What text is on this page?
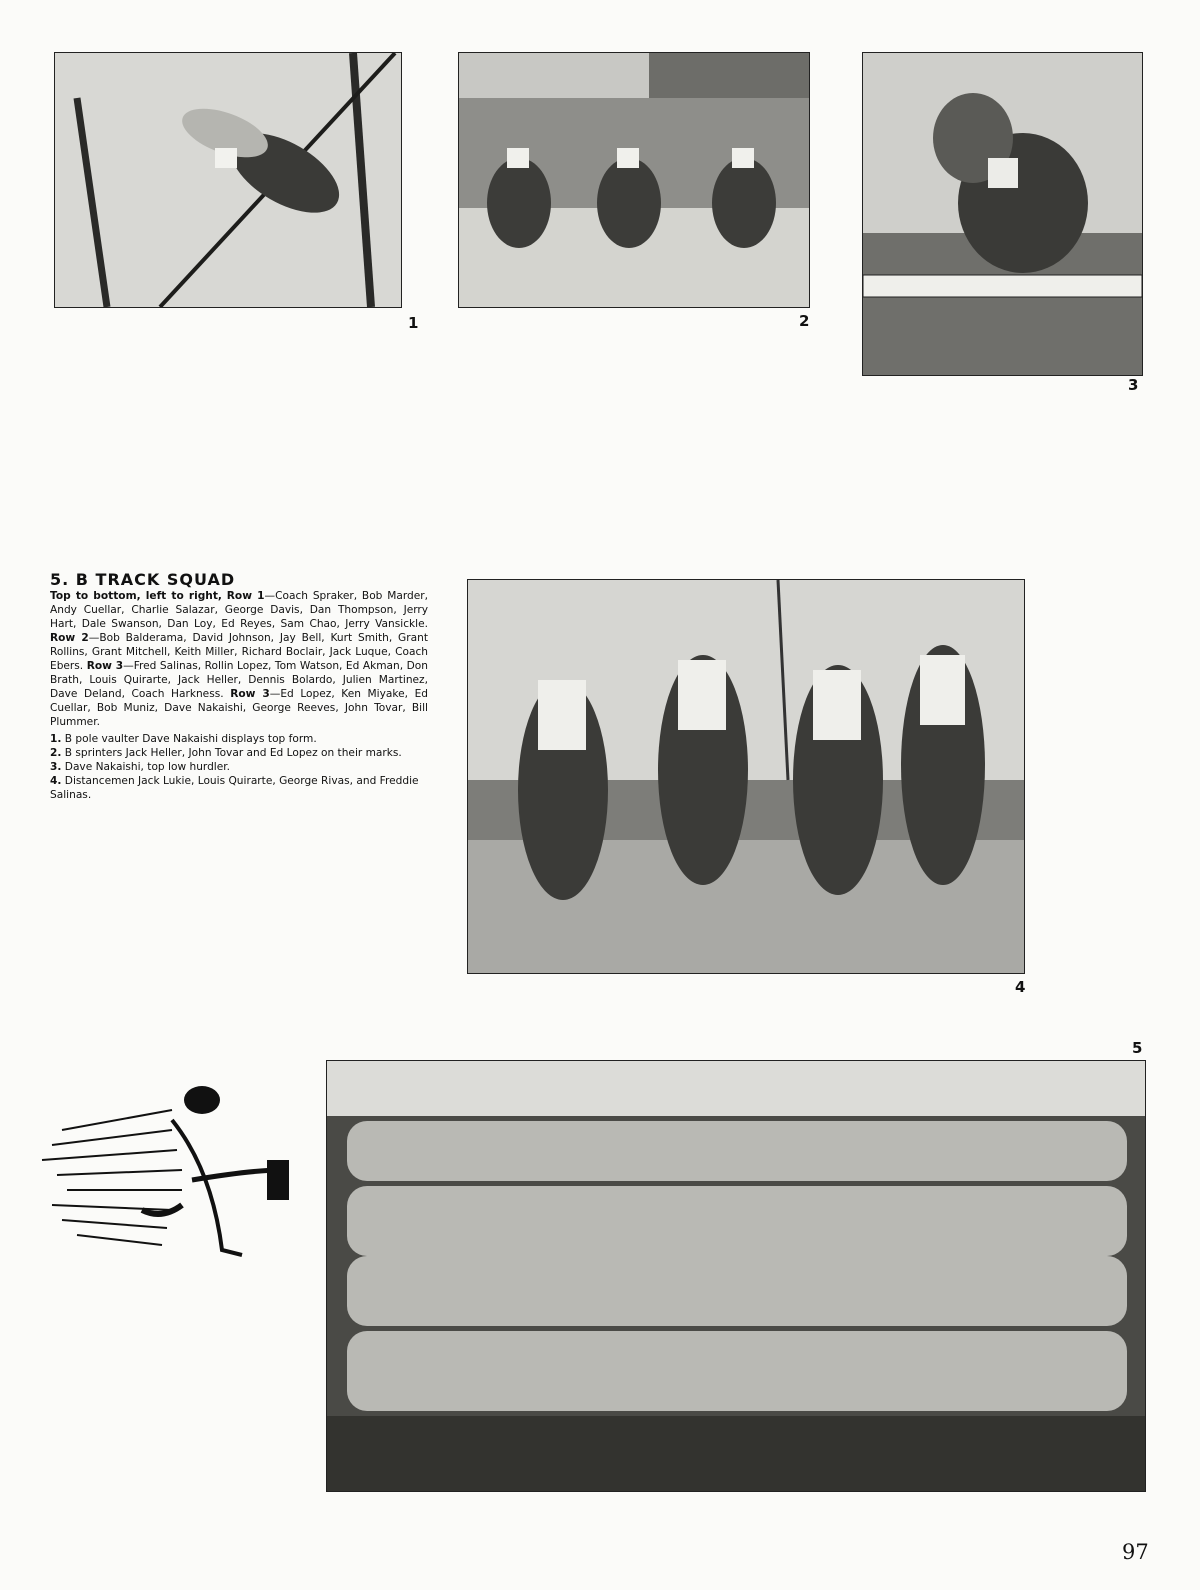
1	2
3
5. B TRACK SQUAD

Top to bottom, left to right, Row 1—Coach Spraker, Bob Marder, Andy Cuellar, Charlie Salazar, George Davis, Dan Thompson, Jerry Hart, Dale Swanson, Dan Loy, Ed Reyes, Sam Chao, Jerry Vansickle. Row 2—Bob Balderama, David Johnson, Jay Bell, Kurt Smith, Grant Rollins, Grant Mitchell, Keith Miller, Richard Boclair, Jack Luque, Coach Ebers. Row 3—Fred Salinas, Rollin Lopez, Tom Watson, Ed Akman, Don Brath, Louis Quirarte, Jack Heller, Dennis Bolardo, Julien Martinez, Dave Deland, Coach Harkness. Row 3—Ed Lopez, Ken Miyake, Ed Cuellar, Bob Muniz, Dave Nakaishi, George Reeves, John Tovar, Bill Plummer.

1. B pole vaulter Dave Nakaishi displays top form.
2. B sprinters Jack Heller, John Tovar and Ed Lopez on their marks.
3. Dave Nakaishi, top low hurdler.
4. Distancemen Jack Lukie, Louis Quirarte, George Rivas, and Freddie Salinas.
4
5
97
